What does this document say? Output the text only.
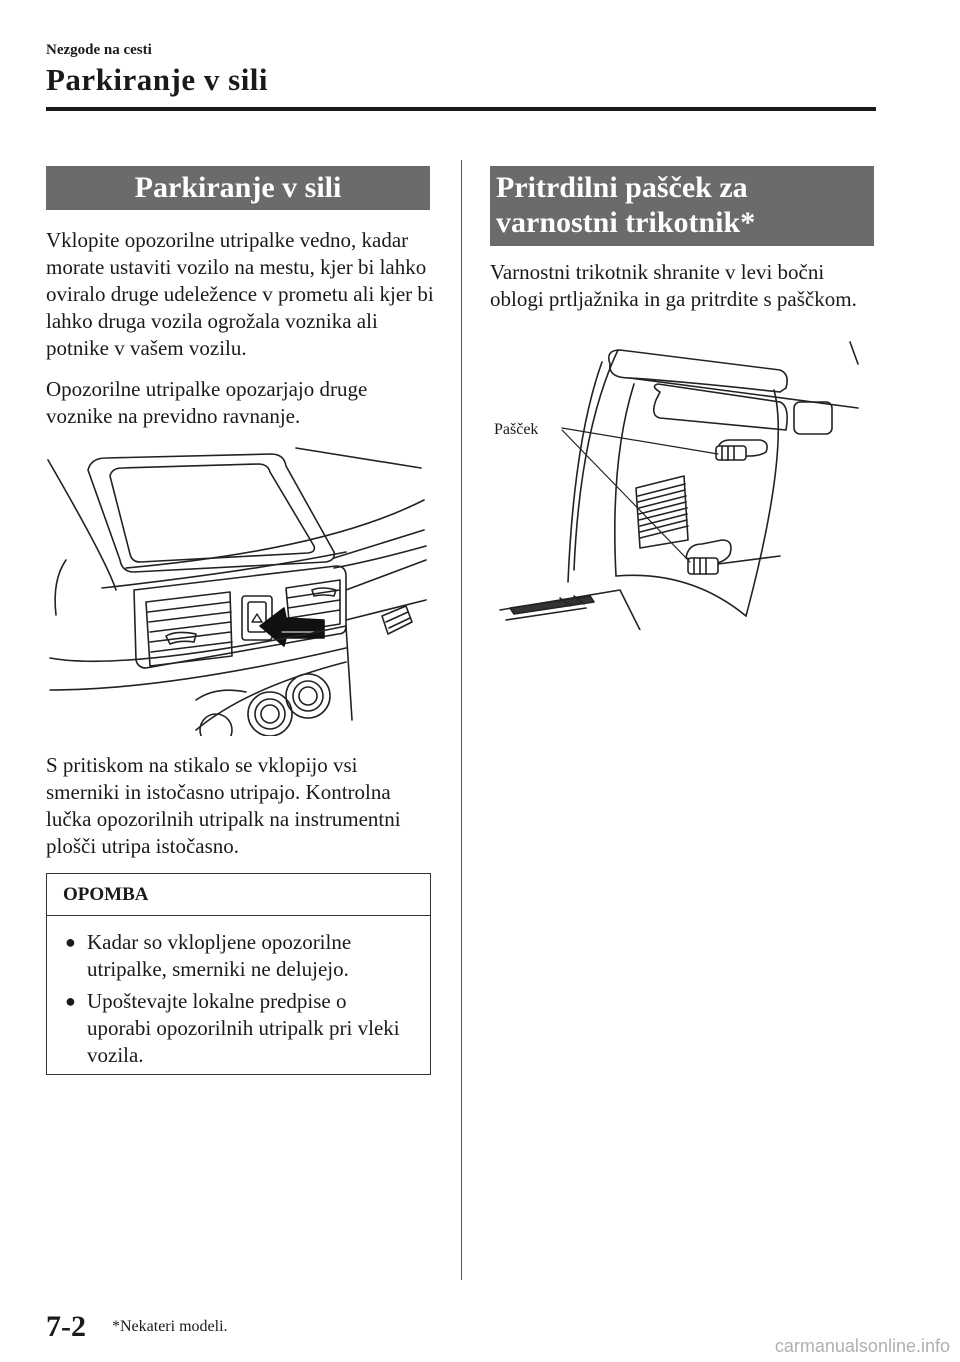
Nezgode na cesti
Parkiranje v sili
Parkiranje v sili
Vklopite opozorilne utripalke vedno, kadar morate ustaviti vozilo na mestu, kjer bi lahko oviralo druge udeležence v prometu ali kjer bi lahko druga vozila ogrožala voznika ali potnike v vašem vozilu.
Opozorilne utripalke opozarjajo druge voznike na previdno ravnanje.
S pritiskom na stikalo se vklopijo vsi smerniki in istočasno utripajo. Kontrolna lučka opozorilnih utripalk na instrumentni plošči utripa istočasno.
OPOMBA
● Kadar so vklopljene opozorilne utripalke, smerniki ne delujejo.
● Upoštevajte lokalne predpise o uporabi opozorilnih utripalk pri vleki vozila.
Pritrdilni pašček za varnostni trikotnik*
Varnostni trikotnik shranite v levi bočni oblogi prtljažnika in ga pritrdite s paščkom.
Pašček
7-2 *Nekateri modeli.
carmanualsonline.info
